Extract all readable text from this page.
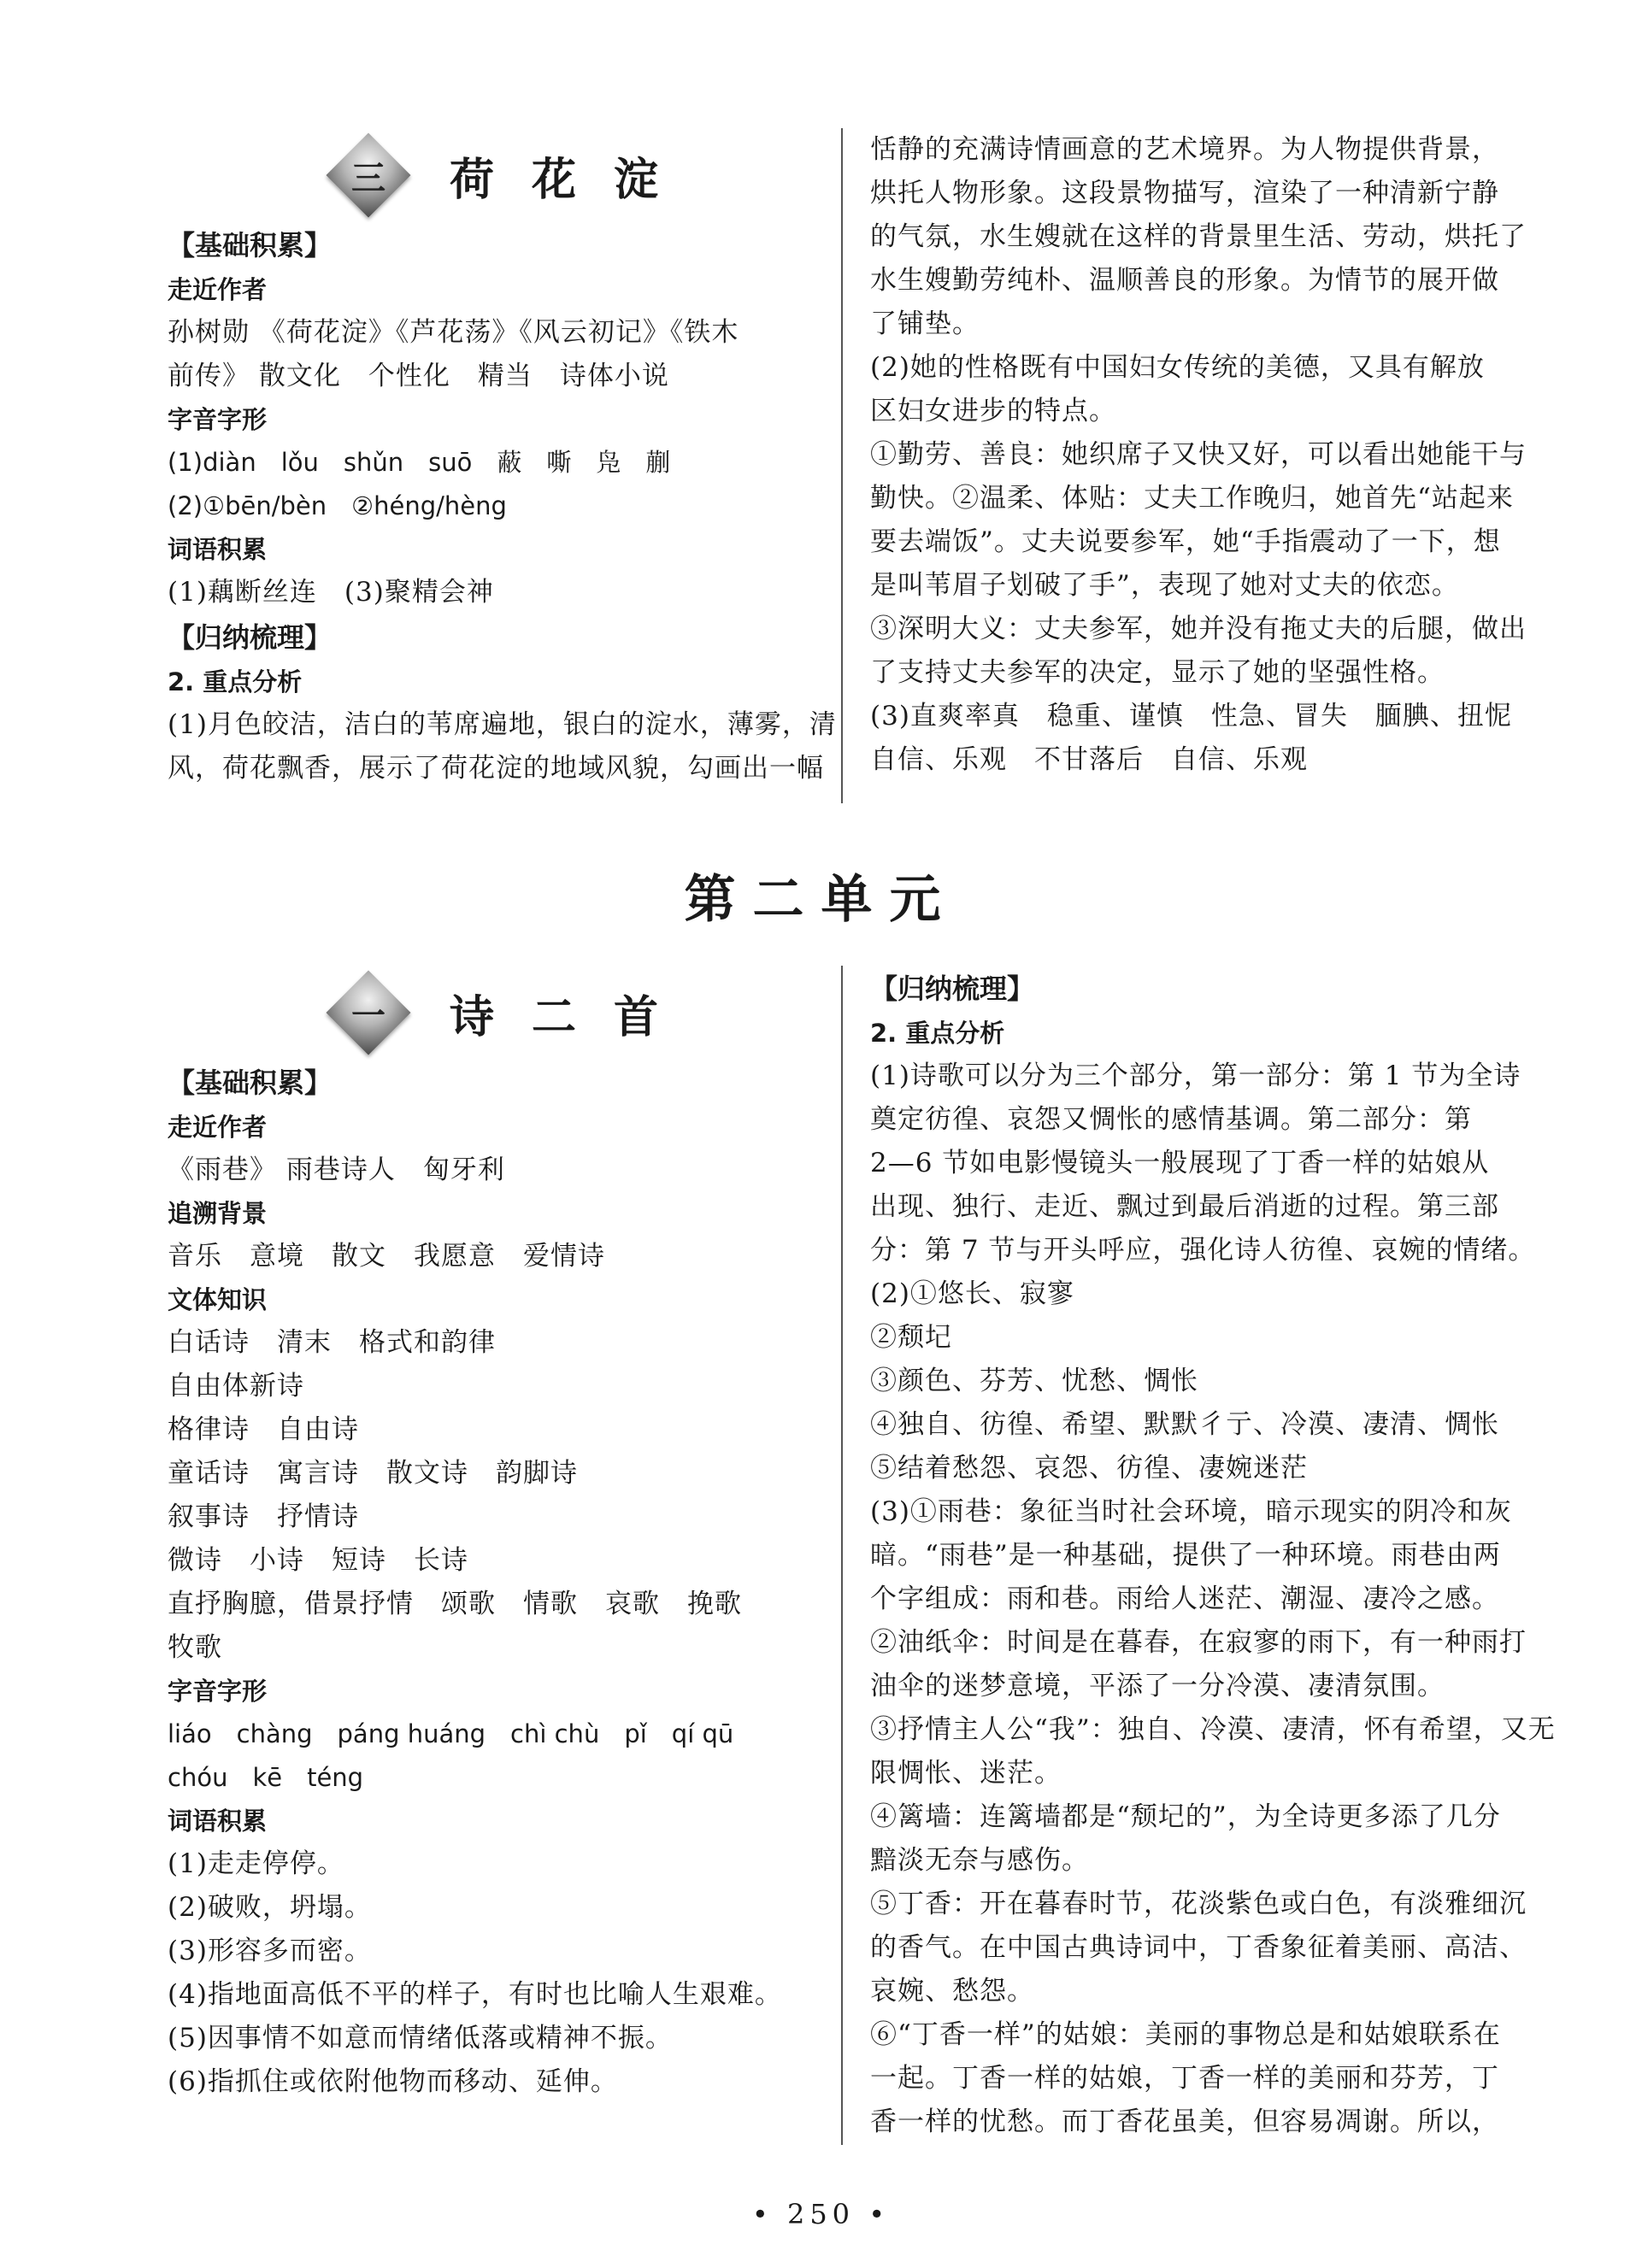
三	荷花淀
【基础积累】
走近作者
孙树勋 《荷花淀》《芦花荡》《风云初记》《铁木
前传》 散文化　个性化　精当　诗体小说
字音字形
(1)diàn　lǒu　shǔn　suō　蔽　嘶　凫　蒯
(2)①bēn/bèn　②héng/hèng
词语积累
(1)藕断丝连　(3)聚精会神
【归纳梳理】
2. 重点分析
(1)月色皎洁，洁白的苇席遍地，银白的淀水，薄雾，清
风，荷花飘香，展示了荷花淀的地域风貌，勾画出一幅
恬静的充满诗情画意的艺术境界。为人物提供背景，
烘托人物形象。这段景物描写，渲染了一种清新宁静
的气氛，水生嫂就在这样的背景里生活、劳动，烘托了
水生嫂勤劳纯朴、温顺善良的形象。为情节的展开做
了铺垫。
(2)她的性格既有中国妇女传统的美德，又具有解放
区妇女进步的特点。
①勤劳、善良：她织席子又快又好，可以看出她能干与
勤快。②温柔、体贴：丈夫工作晚归，她首先“站起来
要去端饭”。丈夫说要参军，她“手指震动了一下，想
是叫苇眉子划破了手”，表现了她对丈夫的依恋。
③深明大义：丈夫参军，她并没有拖丈夫的后腿，做出
了支持丈夫参军的决定，显示了她的坚强性格。
(3)直爽率真　稳重、谨慎　性急、冒失　腼腆、扭怩
自信、乐观　不甘落后　自信、乐观
第二单元
一	诗二首
【基础积累】
走近作者
《雨巷》 雨巷诗人　匈牙利
追溯背景
音乐　意境　散文　我愿意　爱情诗
文体知识
白话诗　清末　格式和韵律
自由体新诗
格律诗　自由诗
童话诗　寓言诗　散文诗　韵脚诗
叙事诗　抒情诗
微诗　小诗　短诗　长诗
直抒胸臆，借景抒情　颂歌　情歌　哀歌　挽歌
牧歌
字音字形
liáo　chàng　páng huáng　chì chù　pǐ　qí qū
chóu　kē　téng
词语积累
(1)走走停停。
(2)破败，坍塌。
(3)形容多而密。
(4)指地面高低不平的样子，有时也比喻人生艰难。
(5)因事情不如意而情绪低落或精神不振。
(6)指抓住或依附他物而移动、延伸。
【归纳梳理】
2. 重点分析
(1)诗歌可以分为三个部分，第一部分：第 1 节为全诗
奠定彷徨、哀怨又惆怅的感情基调。第二部分：第
2—6 节如电影慢镜头一般展现了丁香一样的姑娘从
出现、独行、走近、飘过到最后消逝的过程。第三部
分：第 7 节与开头呼应，强化诗人彷徨、哀婉的情绪。
(2)①悠长、寂寥
②颓圮
③颜色、芬芳、忧愁、惆怅
④独自、彷徨、希望、默默彳亍、冷漠、凄清、惆怅
⑤结着愁怨、哀怨、彷徨、凄婉迷茫
(3)①雨巷：象征当时社会环境，暗示现实的阴冷和灰
暗。“雨巷”是一种基础，提供了一种环境。雨巷由两
个字组成：雨和巷。雨给人迷茫、潮湿、凄冷之感。
②油纸伞：时间是在暮春，在寂寥的雨下，有一种雨打
油伞的迷梦意境，平添了一分冷漠、凄清氛围。
③抒情主人公“我”：独自、冷漠、凄清，怀有希望，又无
限惆怅、迷茫。
④篱墙：连篱墙都是“颓圮的”，为全诗更多添了几分
黯淡无奈与感伤。
⑤丁香：开在暮春时节，花淡紫色或白色，有淡雅细沉
的香气。在中国古典诗词中，丁香象征着美丽、高洁、
哀婉、愁怨。
⑥“丁香一样”的姑娘：美丽的事物总是和姑娘联系在
一起。丁香一样的姑娘，丁香一样的美丽和芬芳，丁
香一样的忧愁。而丁香花虽美，但容易凋谢。所以，
• 250 •
